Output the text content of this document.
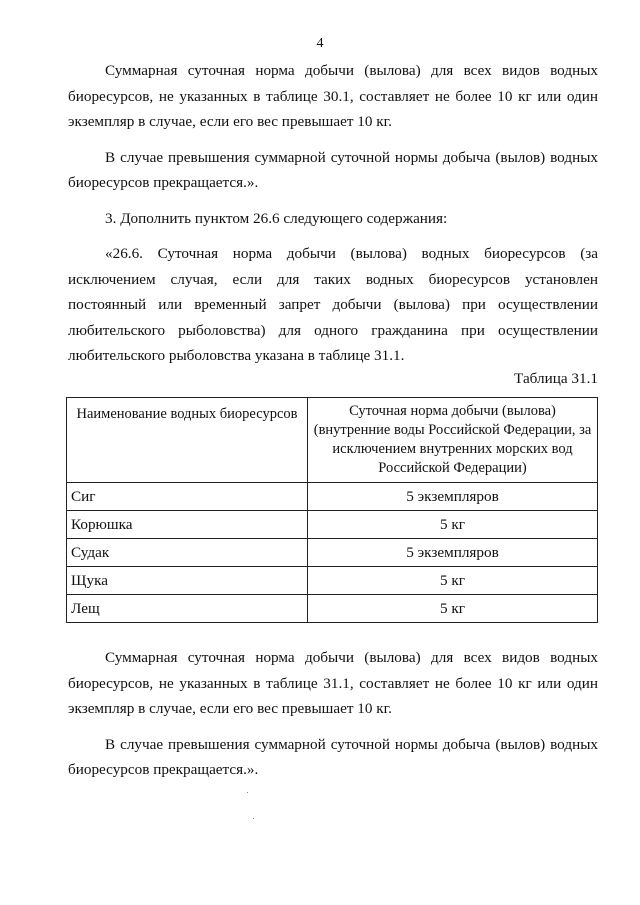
4

Суммарная суточная норма добычи (вылова) для всех видов водных биоресурсов, не указанных в таблице 30.1, составляет не более 10 кг или один экземпляр в случае, если его вес превышает 10 кг.

В случае превышения суммарной суточной нормы добыча (вылов) водных биоресурсов прекращается.».

3. Дополнить пунктом 26.6 следующего содержания:

«26.6. Суточная норма добычи (вылова) водных биоресурсов (за исключением случая, если для таких водных биоресурсов установлен постоянный или временный запрет добычи (вылова) при осуществлении любительского рыболовства) для одного гражданина при осуществлении любительского рыболовства указана в таблице 31.1.

Таблица 31.1
Наименование водных биоресурсов	Суточная норма добычи (вылова) (внутренние воды Российской Федерации, за исключением внутренних морских вод Российской Федерации)
Сиг	5 экземпляров
Корюшка	5 кг
Судак	5 экземпляров
Щука	5 кг
Лещ	5 кг

Суммарная суточная норма добычи (вылова) для всех видов водных биоресурсов, не указанных в таблице 31.1, составляет не более 10 кг или один экземпляр в случае, если его вес превышает 10 кг.

В случае превышения суммарной суточной нормы добыча (вылов) водных биоресурсов прекращается.».
